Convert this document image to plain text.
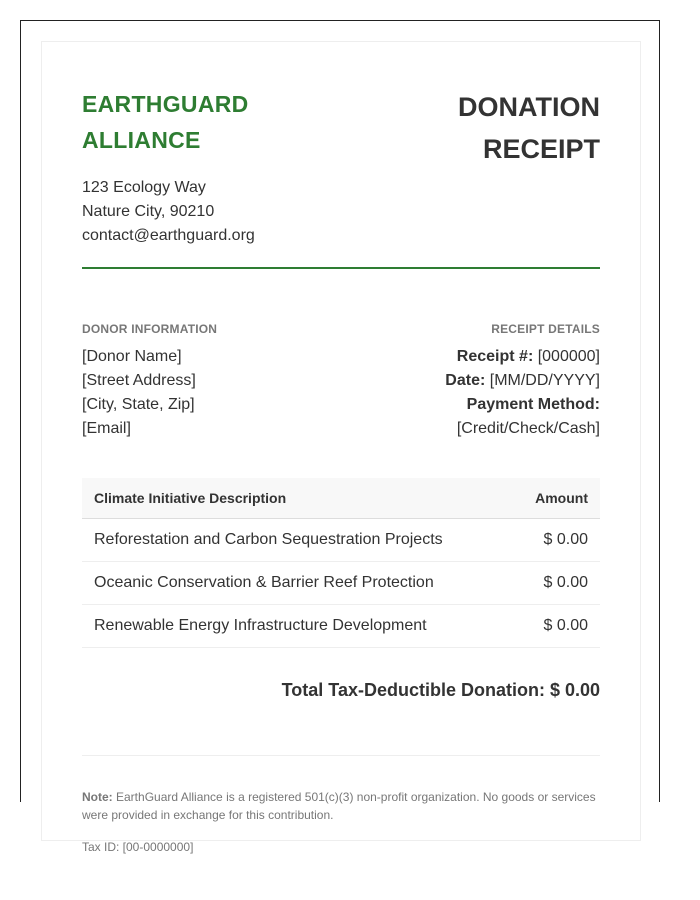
EARTHGUARD ALLIANCE
123 Ecology Way
Nature City, 90210
contact@earthguard.org
DONATION
RECEIPT
DONOR INFORMATION
[Donor Name]
[Street Address]
[City, State, Zip]
[Email]
RECEIPT DETAILS
Receipt #: [000000]
Date: [MM/DD/YYYY]
Payment Method:
[Credit/Check/Cash]
Climate Initiative Description	Amount
Reforestation and Carbon Sequestration Projects	$ 0.00
Oceanic Conservation & Barrier Reef Protection	$ 0.00
Renewable Energy Infrastructure Development	$ 0.00
Total Tax-Deductible Donation: $ 0.00
Note: EarthGuard Alliance is a registered 501(c)(3) non-profit organization. No goods or services were provided in exchange for this contribution.
Tax ID: [00-0000000]
